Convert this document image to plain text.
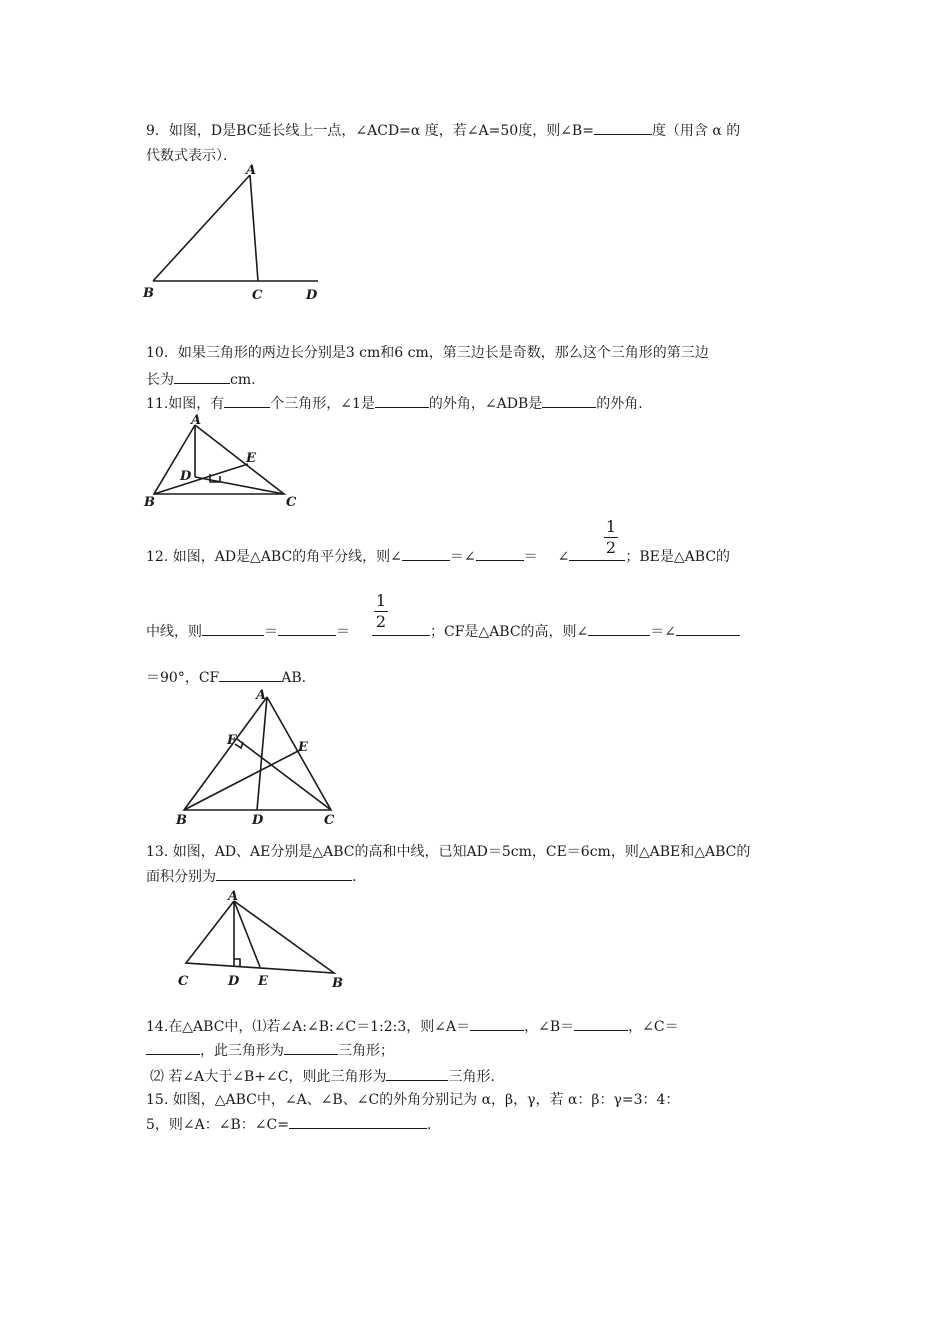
9．如图，D是BC延长线上一点，∠ACD=α 度，若∠A=50度，则∠B=	度（用含 α 的
代数式表示）．
A
B	C	D
10．如果三角形的两边长分别是3 cm和6 cm，第三边长是奇数，那么这个三角形的第三边
长为	cm.
11.如图，有	个三角形，∠1是	的外角，∠ADB是	的外角.
A
B	C
D
E
12. 如图，AD是△ABC的角平分线，则∠	＝∠	＝ ∠	；BE是△ABC的
1
2
中线，则	＝	＝	；CF是△ABC的高，则∠	＝∠
1
2
＝90°，CF	AB.
A
B	C
D
E
F
13. 如图，AD、AE分别是△ABC的高和中线，已知AD＝5cm，CE＝6cm，则△ABE和△ABC的
面积分别为	.
A
C	D E	B
14.在△ABC中，⑴若∠A:∠B:∠C＝1:2:3，则∠A＝	，∠B＝	，∠C＝
，此三角形为	三角形；
⑵ 若∠A大于∠B+∠C，则此三角形为	三角形.
15. 如图，△ABC中，∠A、∠B、∠C的外角分别记为 α，β，γ，若 α：β：γ=3：4：
5，则∠A：∠B：∠C=	.
